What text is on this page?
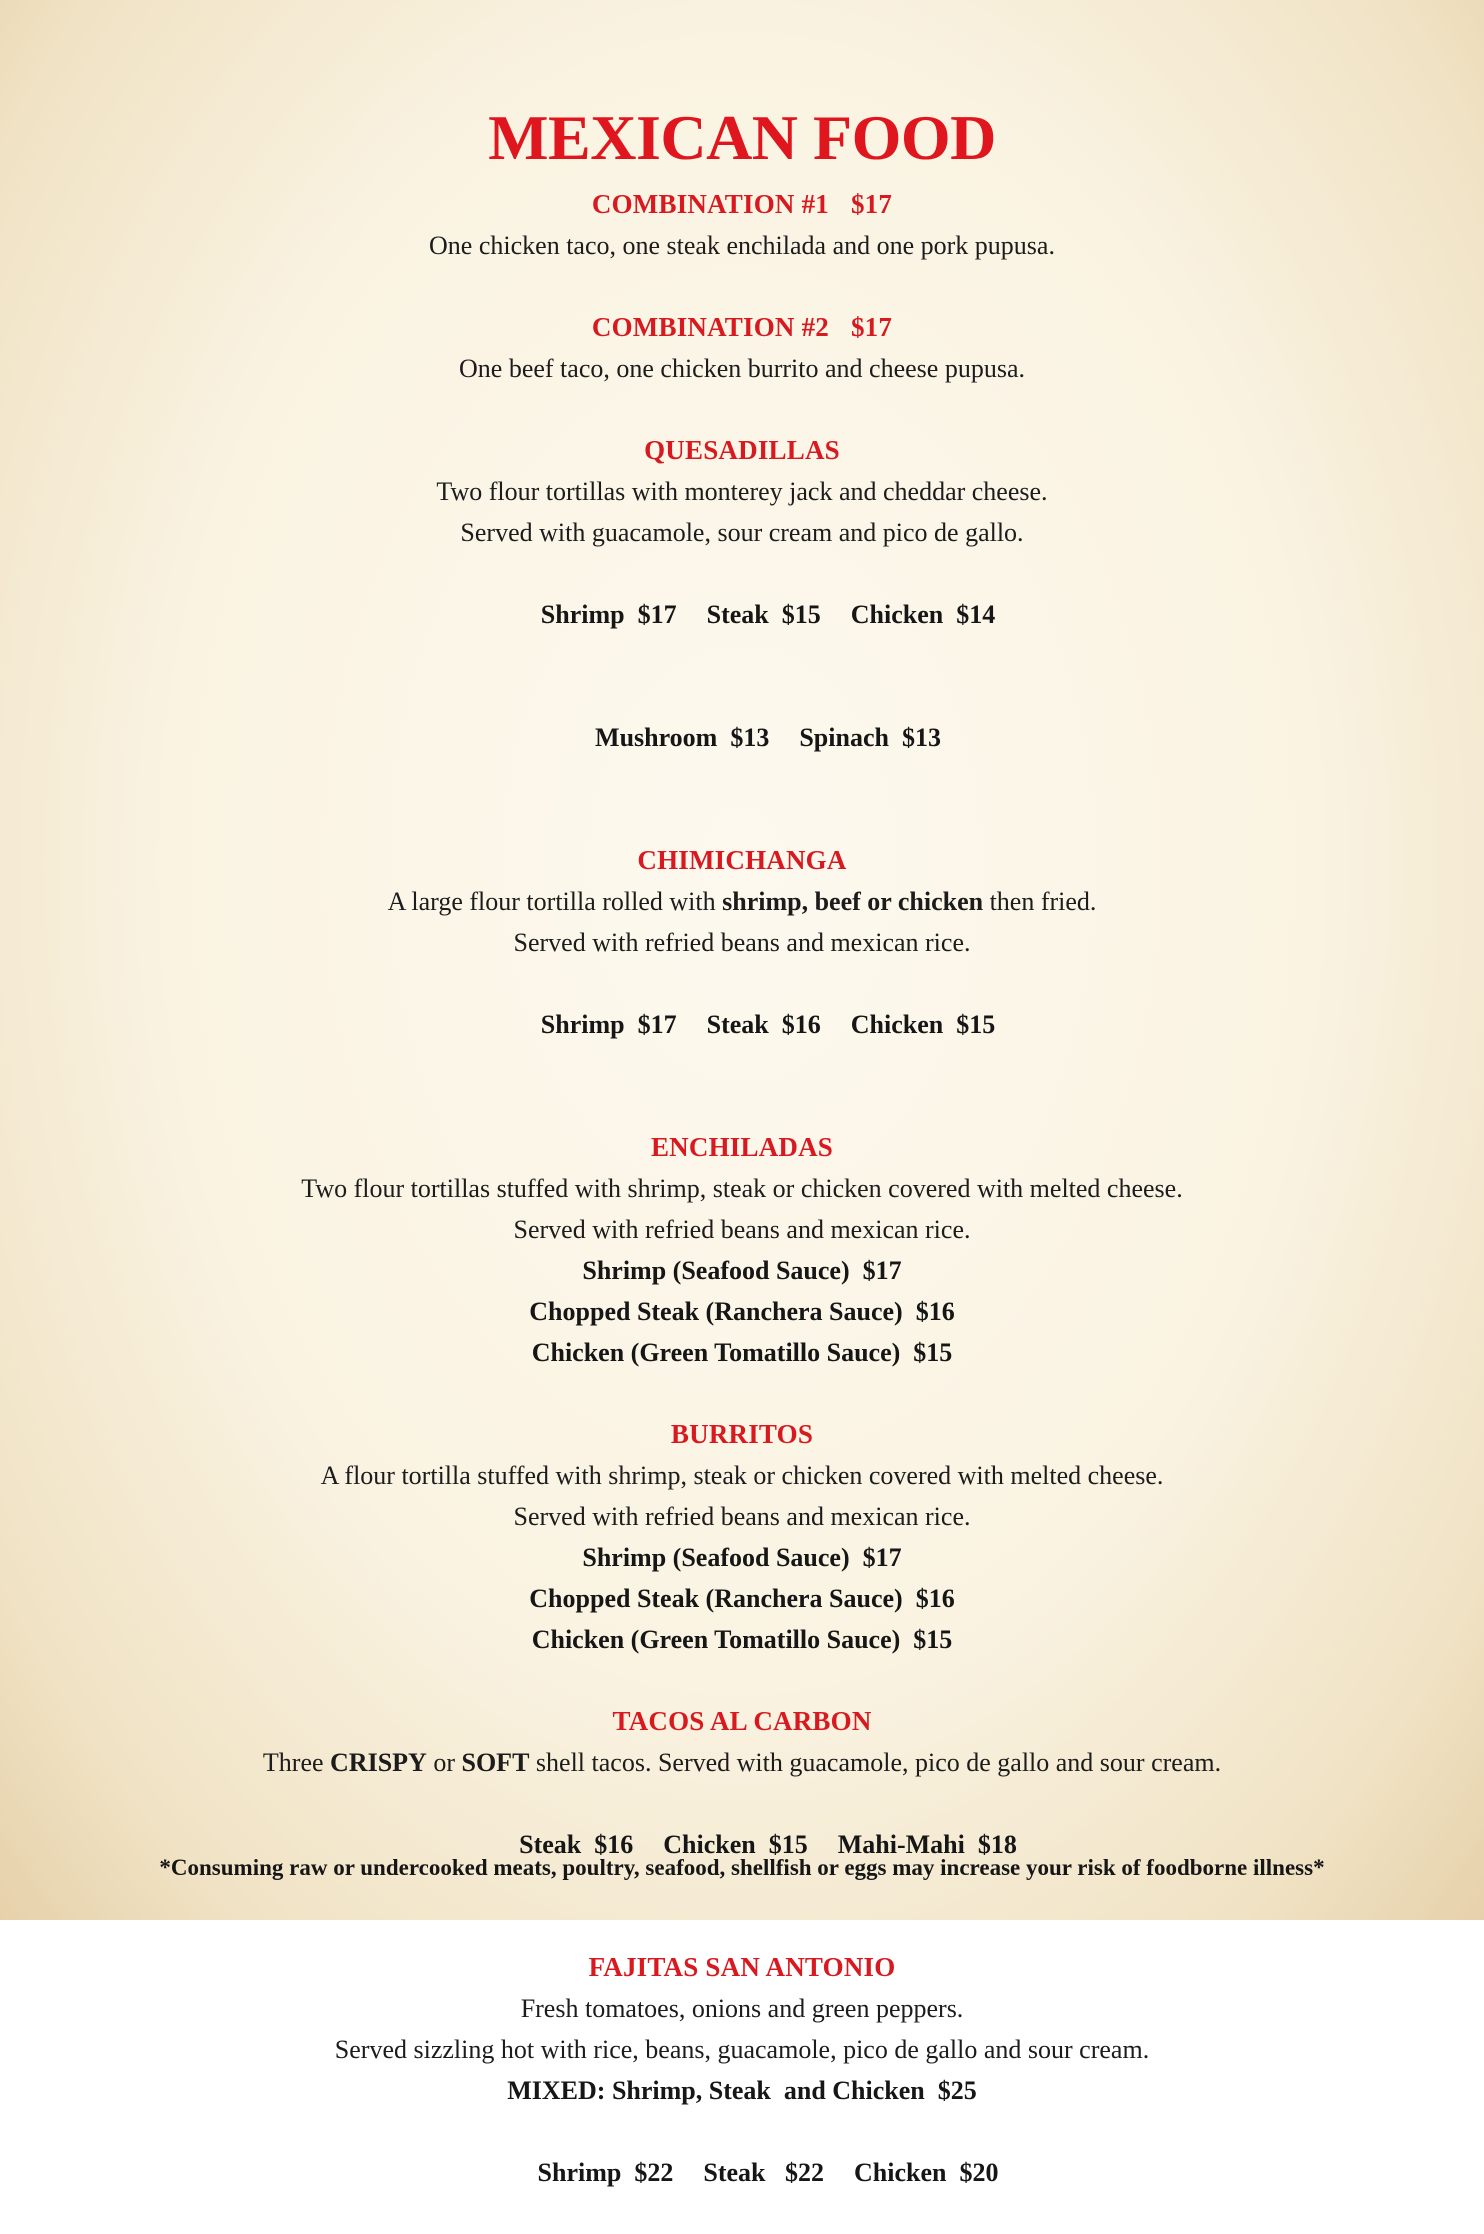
MEXICAN FOOD
COMBINATION #1 $17
One chicken taco, one steak enchilada and one pork pupusa.
COMBINATION #2 $17
One beef taco, one chicken burrito and cheese pupusa.
QUESADILLAS
Two flour tortillas with monterey jack and cheddar cheese.
Served with guacamole, sour cream and pico de gallo.

Shrimp  $17 Steak  $15 Chicken  $14

Mushroom  $13 Spinach  $13

CHIMICHANGA
A large flour tortilla rolled with shrimp, beef or chicken then fried.
Served with refried beans and mexican rice.

Shrimp  $17 Steak  $16 Chicken  $15

ENCHILADAS
Two flour tortillas stuffed with shrimp, steak or chicken covered with melted cheese.
Served with refried beans and mexican rice.
Shrimp (Seafood Sauce)  $17
Chopped Steak (Ranchera Sauce)  $16
Chicken (Green Tomatillo Sauce)  $15
BURRITOS
A flour tortilla stuffed with shrimp, steak or chicken covered with melted cheese.
Served with refried beans and mexican rice.
Shrimp (Seafood Sauce)  $17
Chopped Steak (Ranchera Sauce)  $16
Chicken (Green Tomatillo Sauce)  $15
TACOS AL CARBON
Three CRISPY or SOFT shell tacos. Served with guacamole, pico de gallo and sour cream.

Steak  $16 Chicken  $15 Mahi-Mahi  $18

FAJITAS SAN ANTONIO
Fresh tomatoes, onions and green peppers.
Served sizzling hot with rice, beans, guacamole, pico de gallo and sour cream.
MIXED: Shrimp, Steak  and Chicken  $25

Shrimp  $22 Steak   $22 Chicken  $20

*Consuming raw or undercooked meats, poultry, seafood, shellfish or eggs may increase your risk of foodborne illness*
